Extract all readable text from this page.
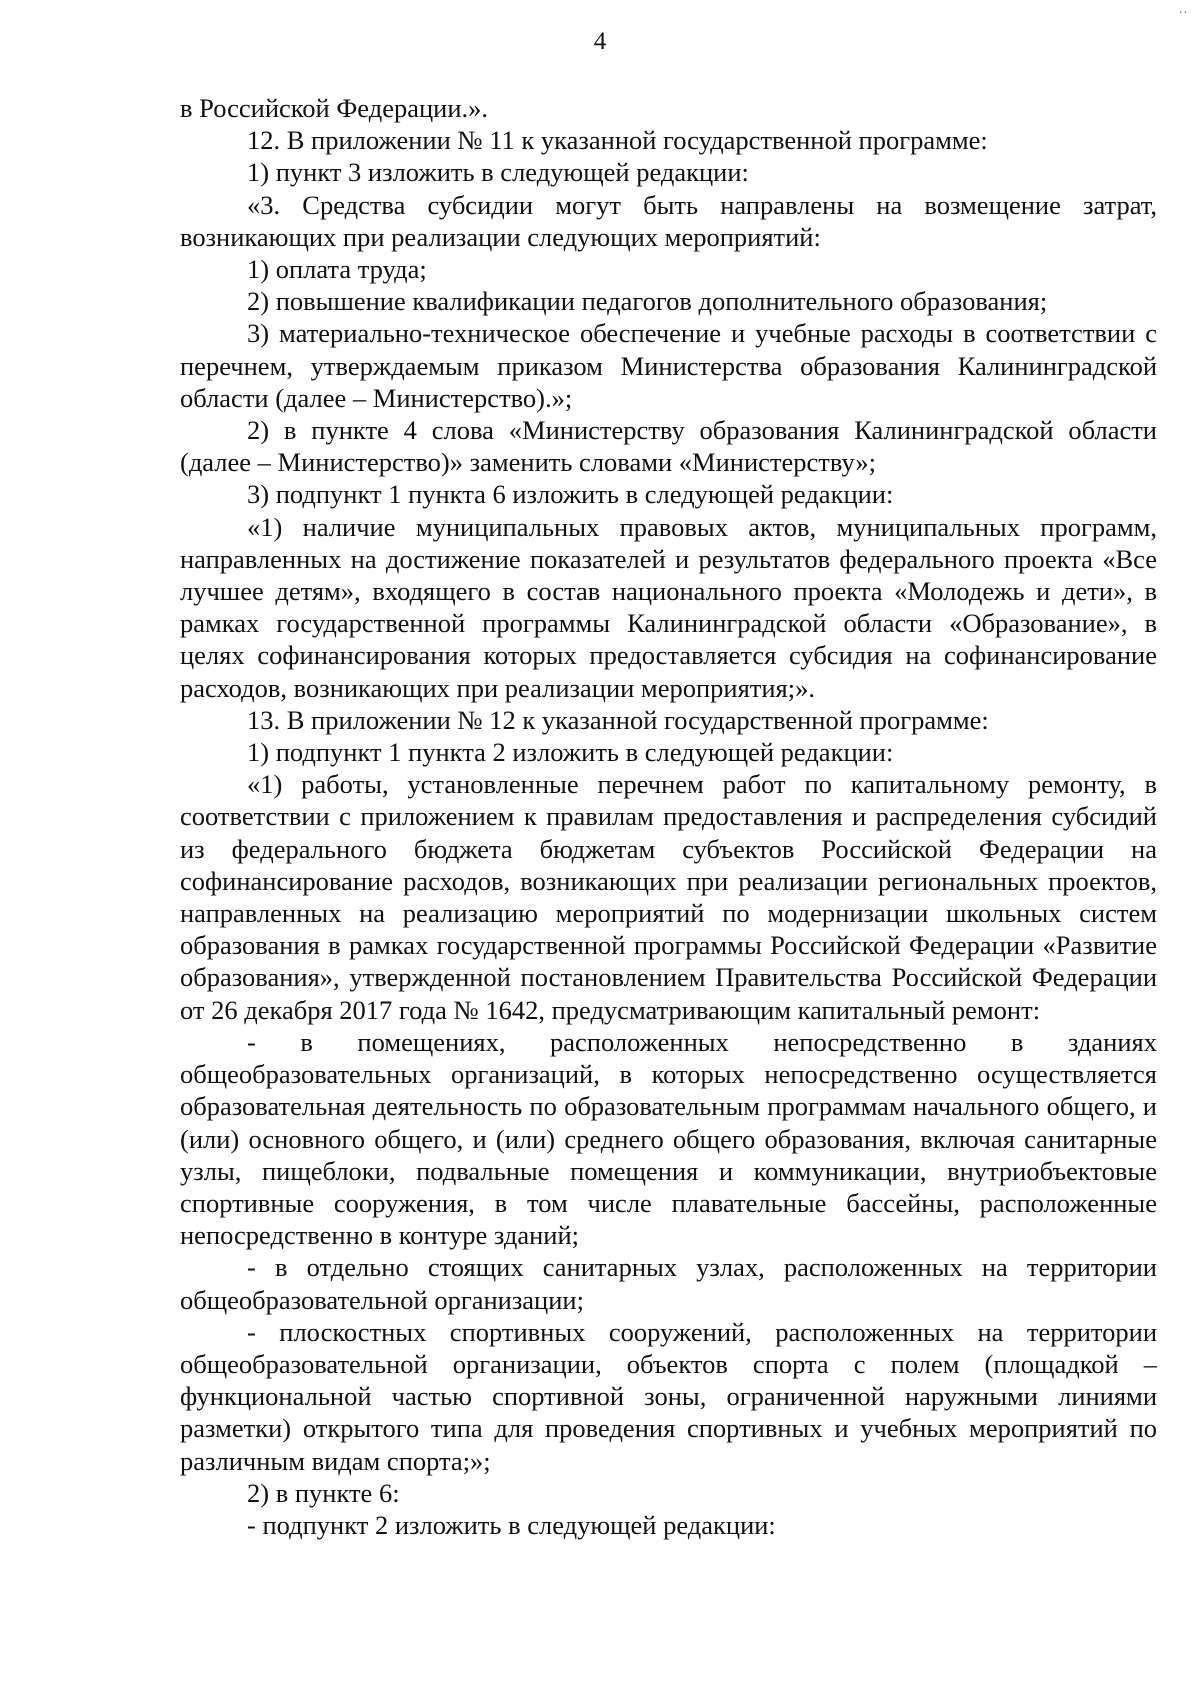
..
4

в Российской Федерации.».

12. В приложении № 11 к указанной государственной программе:

1) пункт 3 изложить в следующей редакции:

«3. Средства субсидии могут быть направлены на возмещение затрат, возникающих при реализации следующих мероприятий:

1) оплата труда;

2) повышение квалификации педагогов дополнительного образования;

3) материально-техническое обеспечение и учебные расходы в соответствии с перечнем, утверждаемым приказом Министерства образования Калининградской области (далее – Министерство).»;

2) в пункте 4 слова «Министерству образования Калининградской области (далее – Министерство)» заменить словами «Министерству»;

3) подпункт 1 пункта 6 изложить в следующей редакции:

«1) наличие муниципальных правовых актов, муниципальных программ, направленных на достижение показателей и результатов федерального проекта «Все лучшее детям», входящего в состав национального проекта «Молодежь и дети», в рамках государственной программы Калининградской области «Образование», в целях софинансирования которых предоставляется субсидия на софинансирование расходов, возникающих при реализации мероприятия;».

13. В приложении № 12 к указанной государственной программе:

1) подпункт 1 пункта 2 изложить в следующей редакции:

«1) работы, установленные перечнем работ по капитальному ремонту, в соответствии с приложением к правилам предоставления и распределения субсидий из федерального бюджета бюджетам субъектов Российской Федерации на софинансирование расходов, возникающих при реализации региональных проектов, направленных на реализацию мероприятий по модернизации школьных систем образования в рамках государственной программы Российской Федерации «Развитие образования», утвержденной постановлением Правительства Российской Федерации от 26 декабря 2017 года № 1642, предусматривающим капитальный ремонт:

- в помещениях, расположенных непосредственно в зданиях общеобразовательных организаций, в которых непосредственно осуществляется образовательная деятельность по образовательным программам начального общего, и (или) основного общего, и (или) среднего общего образования, включая санитарные узлы, пищеблоки, подвальные помещения и коммуникации, внутриобъектовые спортивные сооружения, в том числе плавательные бассейны, расположенные непосредственно в контуре зданий;

- в отдельно стоящих санитарных узлах, расположенных на территории общеобразовательной организации;

- плоскостных спортивных сооружений, расположенных на территории общеобразовательной организации, объектов спорта с полем (площадкой – функциональной частью спортивной зоны, ограниченной наружными линиями разметки) открытого типа для проведения спортивных и учебных мероприятий по различным видам спорта;»;

2) в пункте 6:

- подпункт 2 изложить в следующей редакции:
